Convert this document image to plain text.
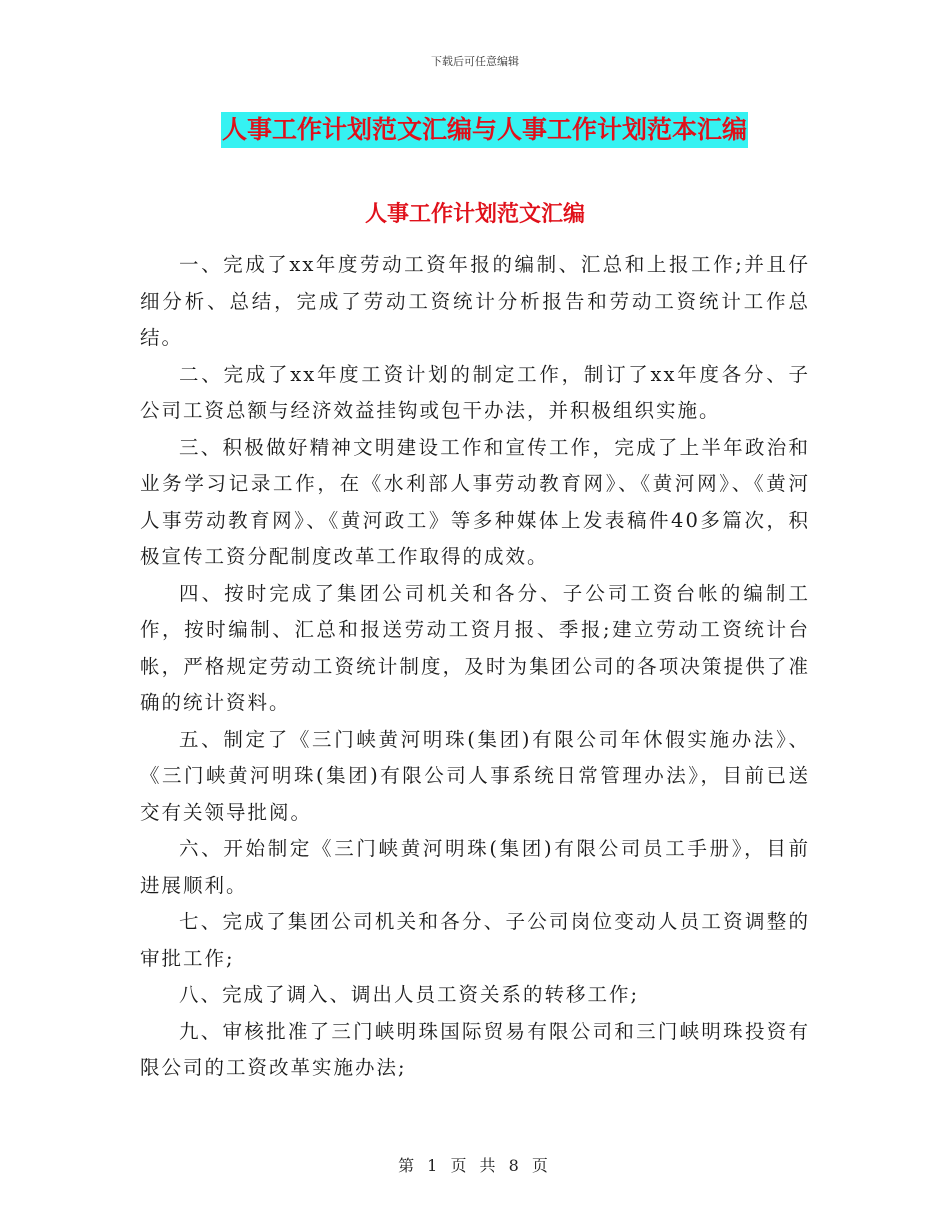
下载后可任意编辑
人事工作计划范文汇编与人事工作计划范本汇编
人事工作计划范文汇编

一、完成了xx年度劳动工资年报的编制、汇总和上报工作;并且仔细分析、总结，完成了劳动工资统计分析报告和劳动工资统计工作总结。

二、完成了xx年度工资计划的制定工作，制订了xx年度各分、子公司工资总额与经济效益挂钩或包干办法，并积极组织实施。

三、积极做好精神文明建设工作和宣传工作，完成了上半年政治和业务学习记录工作，在《水利部人事劳动教育网》、《黄河网》、《黄河人事劳动教育网》、《黄河政工》等多种媒体上发表稿件40多篇次，积极宣传工资分配制度改革工作取得的成效。

四、按时完成了集团公司机关和各分、子公司工资台帐的编制工作，按时编制、汇总和报送劳动工资月报、季报;建立劳动工资统计台帐，严格规定劳动工资统计制度，及时为集团公司的各项决策提供了准确的统计资料。

五、制定了《三门峡黄河明珠(集团)有限公司年休假实施办法》、《三门峡黄河明珠(集团)有限公司人事系统日常管理办法》，目前已送交有关领导批阅。

六、开始制定《三门峡黄河明珠(集团)有限公司员工手册》，目前进展顺利。

七、完成了集团公司机关和各分、子公司岗位变动人员工资调整的审批工作;

八、完成了调入、调出人员工资关系的转移工作;

九、审核批准了三门峡明珠国际贸易有限公司和三门峡明珠投资有限公司的工资改革实施办法;

第 1 页 共 8 页
